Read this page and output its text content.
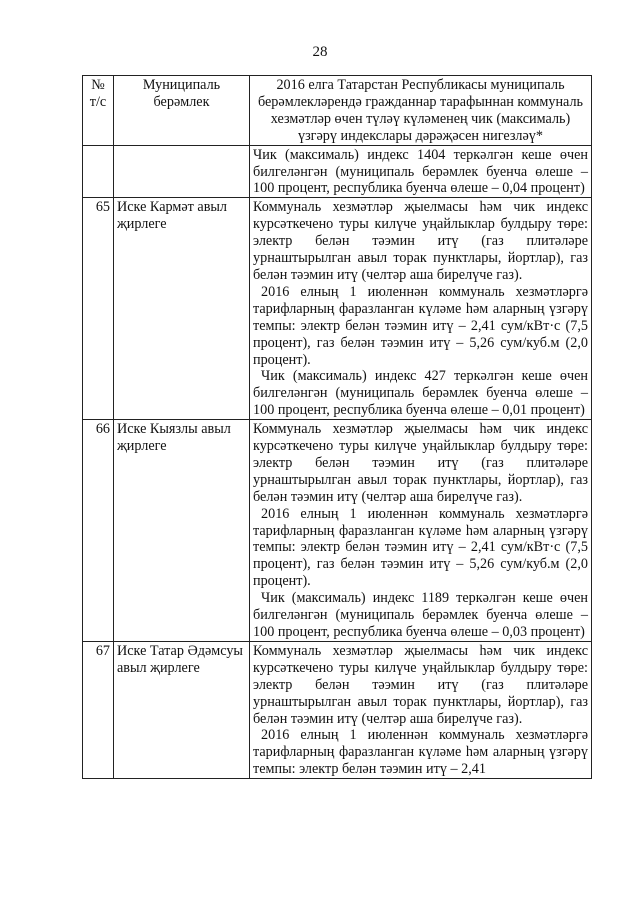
28
№ т/с	Муниципаль берәмлек	2016 елга Татарстан Республикасы муниципаль берәмлекләрендә гражданнар тарафыннан коммуналь хезмәтләр өчен түләү күләменең чик (максималь) үзгәрү индекслары дәрәҗәсен нигезләү*

		Чик (максималь) индекс 1404 теркәлгән кеше өчен билгеләнгән (муниципаль берәмлек буенча өлеше – 100 процент, республика буенча өлеше – 0,04 процент)

65	Иске Кармәт авыл җирлеге	Коммуналь хезмәтләр җыелмасы һәм чик индекс курсәткечено туры килүче уңайлыклар булдыру төре: электр белән тәэмин итү (газ плитәләре урнаштырылган авыл торак пунктлары, йортлар), газ белән тәэмин итү (челтәр аша бирелүче газ).
2016 елның 1 июленнән коммуналь хезмәтләргә тарифларның фаразланган күләме һәм аларның үзгәрү темпы: электр белән тәэмин итү – 2,41 сум/кВт·с (7,5 процент), газ белән тәэмин итү – 5,26 сум/куб.м (2,0 процент).
Чик (максималь) индекс 427 теркәлгән кеше өчен билгеләнгән (муниципаль берәмлек буенча өлеше – 100 процент, республика буенча өлеше – 0,01 процент)

66	Иске Кыязлы авыл җирлеге	Коммуналь хезмәтләр җыелмасы һәм чик индекс курсәткечено туры килүче уңайлыклар булдыру төре: электр белән тәэмин итү (газ плитәләре урнаштырылган авыл торак пунктлары, йортлар), газ белән тәэмин итү (челтәр аша бирелүче газ).
2016 елның 1 июленнән коммуналь хезмәтләргә тарифларның фаразланган күләме һәм аларның үзгәрү темпы: электр белән тәэмин итү – 2,41 сум/кВт·с (7,5 процент), газ белән тәэмин итү – 5,26 сум/куб.м (2,0 процент).
Чик (максималь) индекс 1189 теркәлгән кеше өчен билгеләнгән (муниципаль берәмлек буенча өлеше – 100 процент, республика буенча өлеше – 0,03 процент)

67	Иске Татар Әдәмсуы авыл җирлеге	Коммуналь хезмәтләр җыелмасы һәм чик индекс курсәткечено туры килүче уңайлыклар булдыру төре: электр белән тәэмин итү (газ плитәләре урнаштырылган авыл торак пунктлары, йортлар), газ белән тәэмин итү (челтәр аша бирелүче газ).
2016 елның 1 июленнән коммуналь хезмәтләргә тарифларның фаразланган күләме һәм аларның үзгәрү темпы: электр белән тәэмин итү – 2,41
